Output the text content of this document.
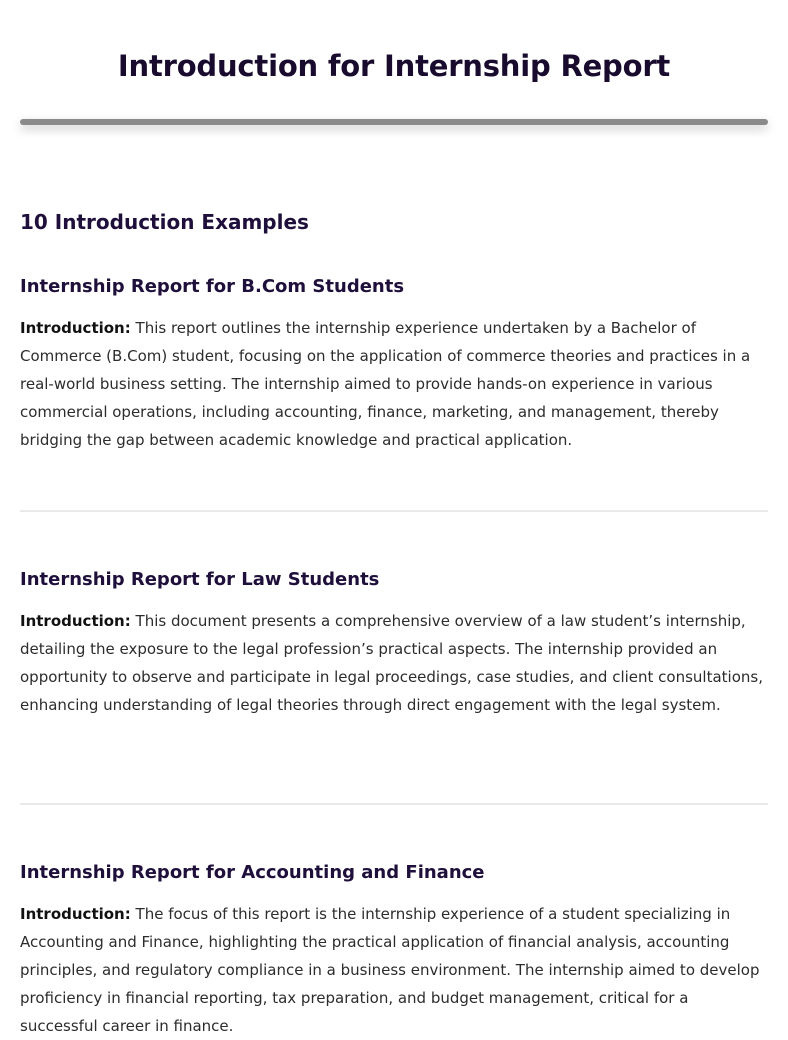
Introduction for Internship Report
10 Introduction Examples
Internship Report for B.Com Students

Introduction: This report outlines the internship experience undertaken by a Bachelor of Commerce (B.Com) student, focusing on the application of commerce theories and practices in a real-world business setting. The internship aimed to provide hands-on experience in various commercial operations, including accounting, finance, marketing, and management, thereby bridging the gap between academic knowledge and practical application.

Internship Report for Law Students

Introduction: This document presents a comprehensive overview of a law student’s internship, detailing the exposure to the legal profession’s practical aspects. The internship provided an opportunity to observe and participate in legal proceedings, case studies, and client consultations, enhancing understanding of legal theories through direct engagement with the legal system.

Internship Report for Accounting and Finance

Introduction: The focus of this report is the internship experience of a student specializing in Accounting and Finance, highlighting the practical application of financial analysis, accounting principles, and regulatory compliance in a business environment. The internship aimed to develop proficiency in financial reporting, tax preparation, and budget management, critical for a successful career in finance.
